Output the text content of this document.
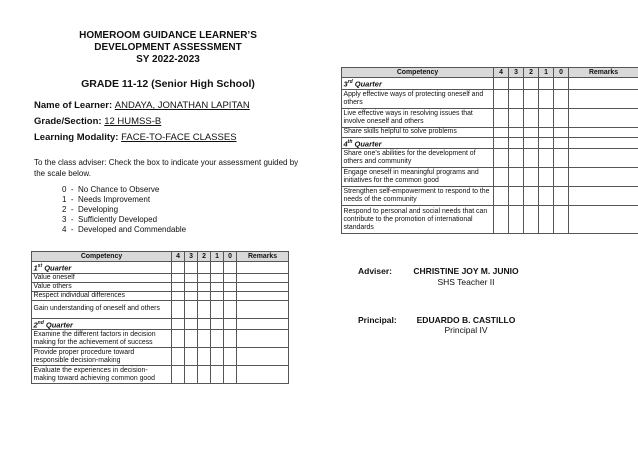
HOMEROOM GUIDANCE LEARNER’S
DEVELOPMENT ASSESSMENT
SY 2022-2023
GRADE 11-12 (Senior High School)
Name of Learner: ANDAYA, JONATHAN LAPITAN
Grade/Section: 12 HUMSS-B
Learning Modality: FACE-TO-FACE CLASSES
To the class adviser: Check the box to indicate your assessment guided by the scale below.
0  -  No Chance to Observe
1  -  Needs Improvement
2  -  Developing
3  -  Sufficiently Developed
4  -  Developed and Commendable
Competency	4	3	2	1	0	Remarks
1st Quarter						
Value oneself						
Value others						
Respect individual differences						
Gain understanding of oneself and others						
2nd Quarter						
Examine the different factors in decision making for the achievement of success						
Provide proper procedure toward responsible decision-making						
Evaluate the experiences in decision-making toward achieving common good						
Competency	4	3	2	1	0	Remarks
3rd Quarter						
Apply effective ways of protecting oneself and others						
Live effective ways in resolving issues that involve oneself and others						
Share skills helpful to solve problems						
4th Quarter						
Share one’s abilities for the development of others and community						
Engage oneself in meaningful programs and initiatives for the common good						
Strengthen self-empowerment to respond to the needs of the community						
Respond to personal and social needs that can contribute to the promotion of international standards						
Adviser:	CHRISTINE JOY M. JUNIO
SHS Teacher II
Principal:	EDUARDO B. CASTILLO
Principal IV
